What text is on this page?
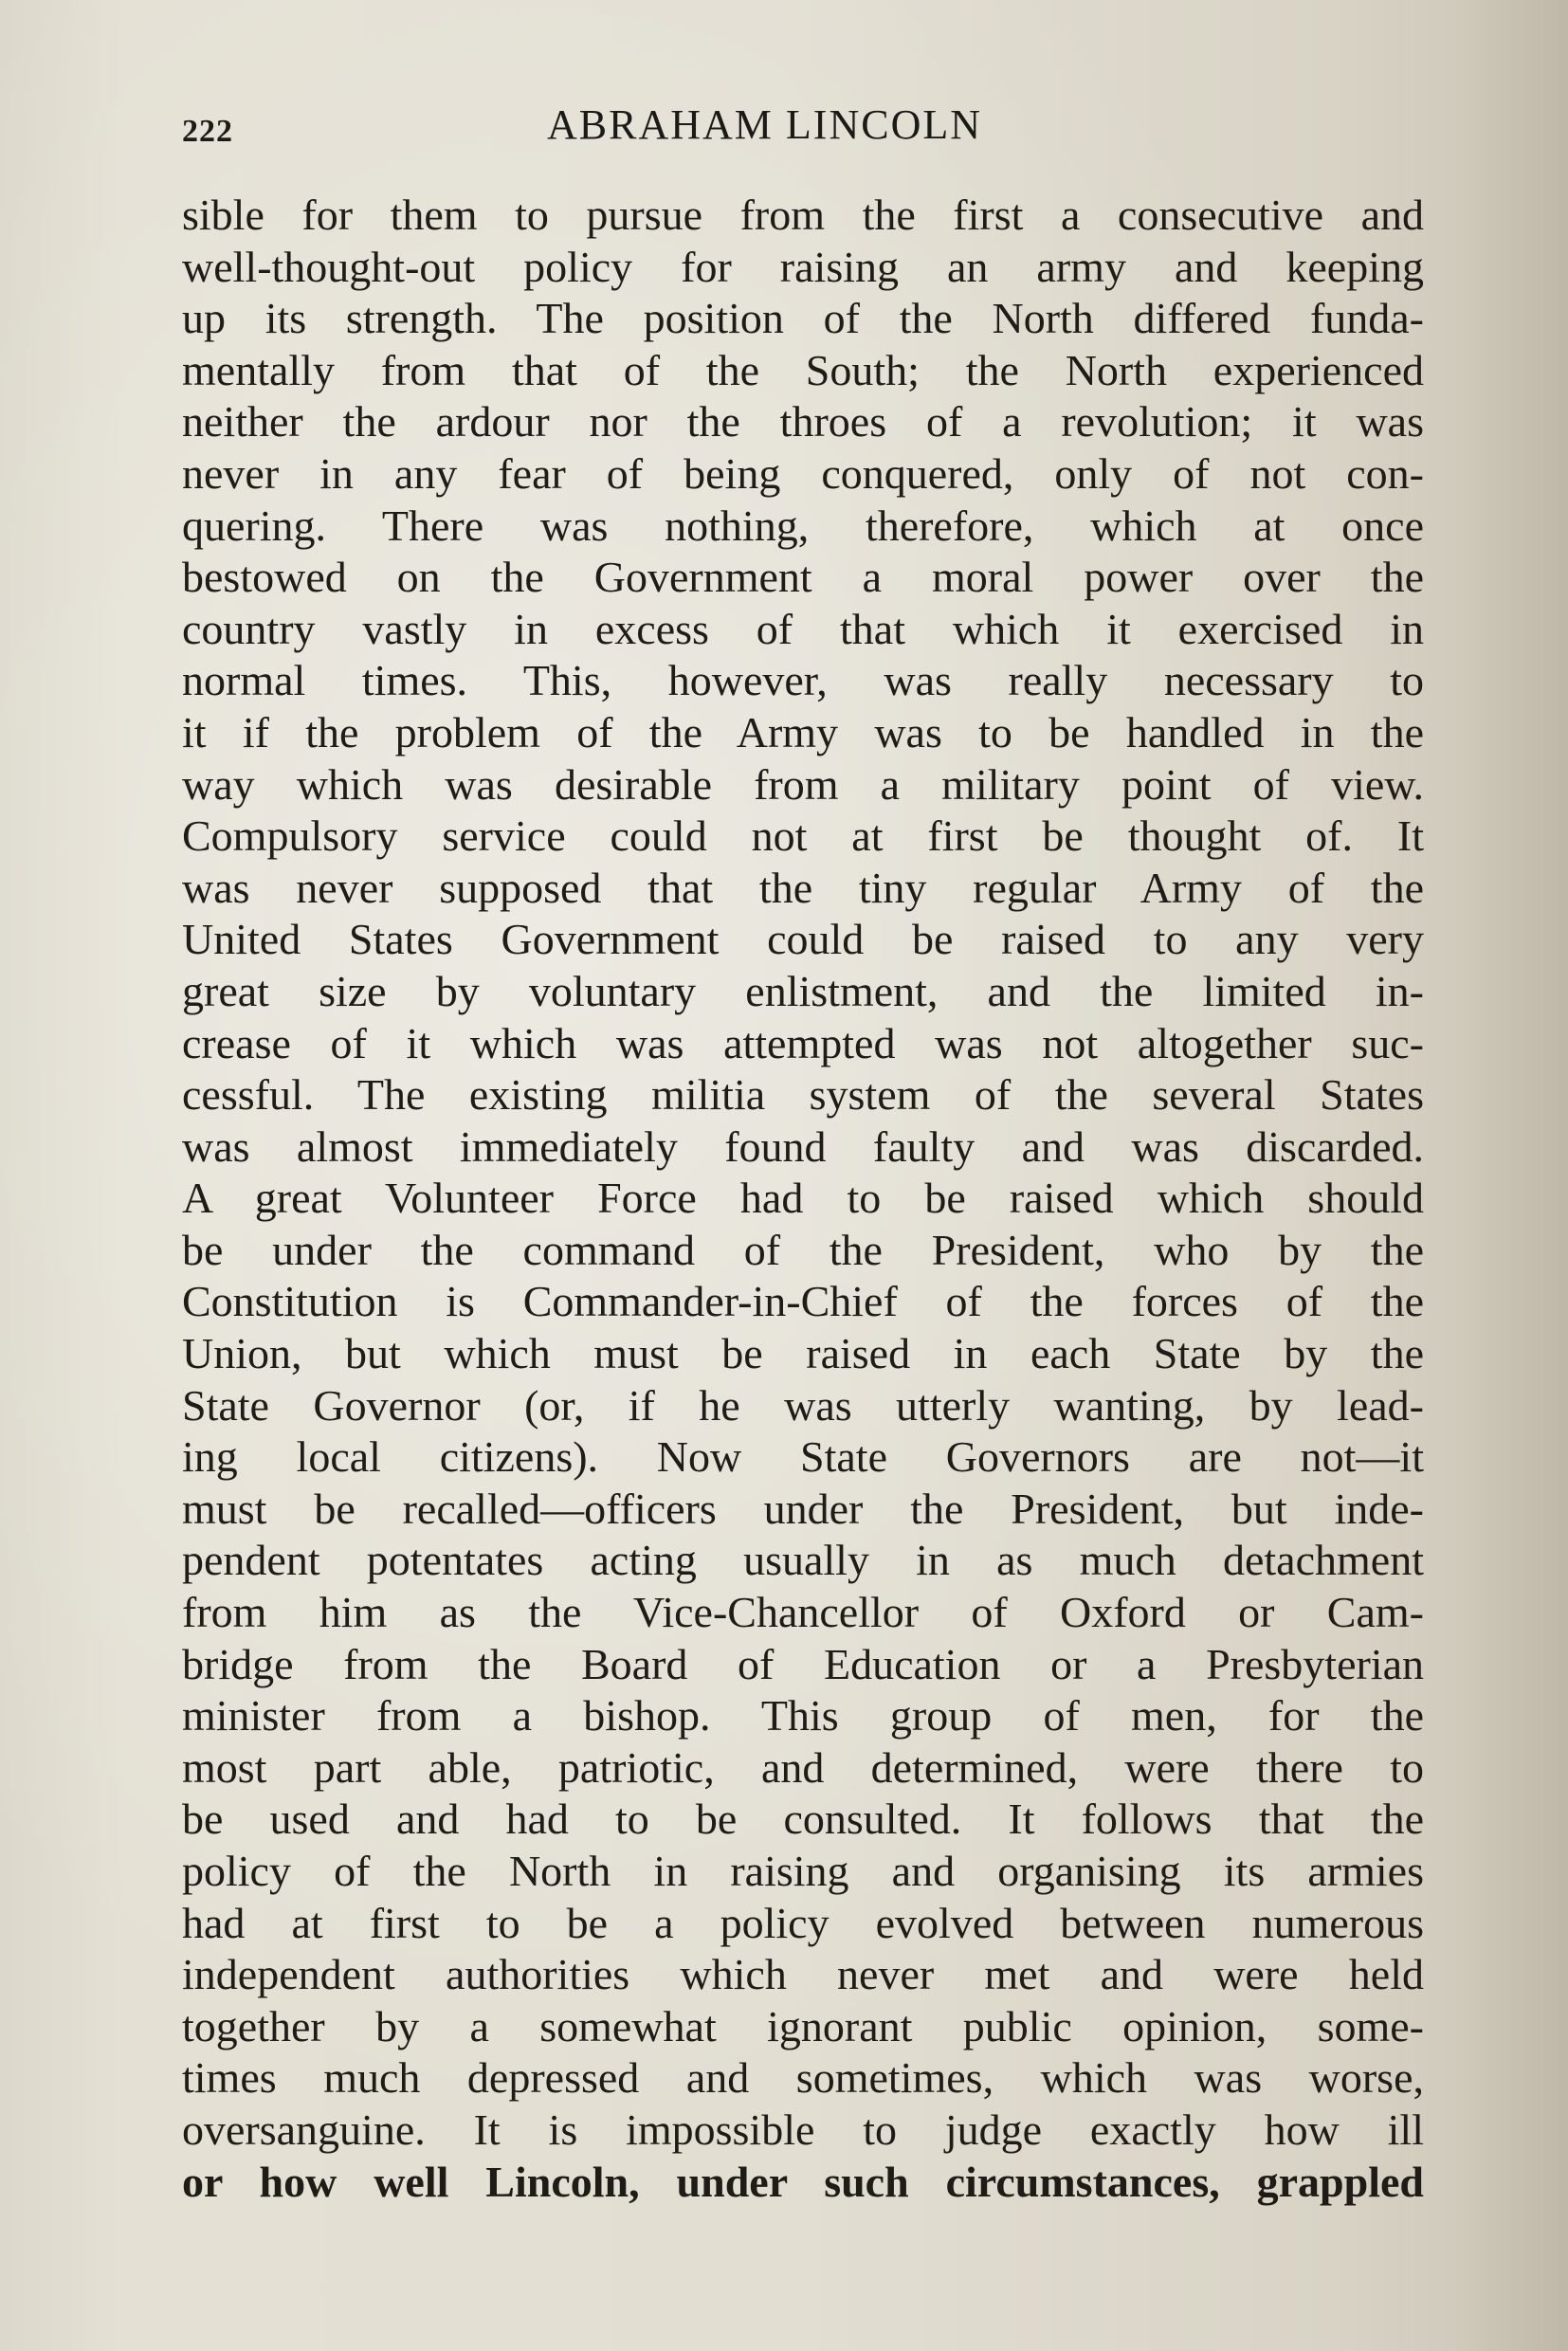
222	ABRAHAM LINCOLN
sible for them to pursue from the first a consecutive and
well-thought-out policy for raising an army and keeping
up its strength. The position of the North differed funda-
mentally from that of the South; the North experienced
neither the ardour nor the throes of a revolution; it was
never in any fear of being conquered, only of not con-
quering. There was nothing, therefore, which at once
bestowed on the Government a moral power over the
country vastly in excess of that which it exercised in
normal times. This, however, was really necessary to
it if the problem of the Army was to be handled in the
way which was desirable from a military point of view.
Compulsory service could not at first be thought of. It
was never supposed that the tiny regular Army of the
United States Government could be raised to any very
great size by voluntary enlistment, and the limited in-
crease of it which was attempted was not altogether suc-
cessful. The existing militia system of the several States
was almost immediately found faulty and was discarded.
A great Volunteer Force had to be raised which should
be under the command of the President, who by the
Constitution is Commander-in-Chief of the forces of the
Union, but which must be raised in each State by the
State Governor (or, if he was utterly wanting, by lead-
ing local citizens). Now State Governors are not—it
must be recalled—officers under the President, but inde-
pendent potentates acting usually in as much detachment
from him as the Vice-Chancellor of Oxford or Cam-
bridge from the Board of Education or a Presbyterian
minister from a bishop. This group of men, for the
most part able, patriotic, and determined, were there to
be used and had to be consulted. It follows that the
policy of the North in raising and organising its armies
had at first to be a policy evolved between numerous
independent authorities which never met and were held
together by a somewhat ignorant public opinion, some-
times much depressed and sometimes, which was worse,
oversanguine. It is impossible to judge exactly how ill
or how well Lincoln, under such circumstances, grappled
